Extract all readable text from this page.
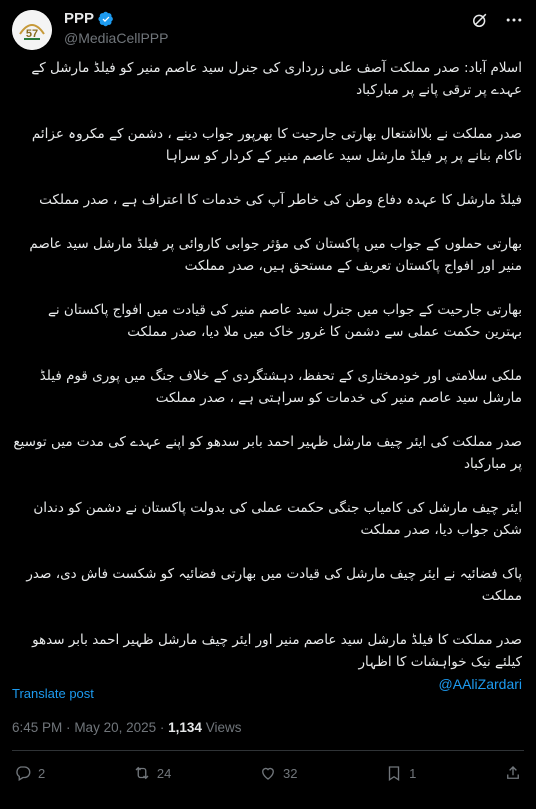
57
PPP
@MediaCellPPP
اسلام آباد: صدر مملکت آصف علی زرداری کی جنرل سید عاصم منیر کو فیلڈ مارشل کے عہدے پر ترقی پانے پر مبارکباد
صدر مملکت نے بلااشتعال بھارتی جارحیت کا بھرپور جواب دینے ، دشمن کے مکروہ عزائم ناکام بنانے پر پر فیلڈ مارشل سید عاصم منیر کے کردار کو سراہا
فیلڈ مارشل کا عہدہ دفاع وطن کی خاطر آپ کی خدمات کا اعتراف ہے ، صدر مملکت
بھارتی حملوں کے جواب میں پاکستان کی مؤثر جوابی کاروائی پر فیلڈ مارشل سید عاصم منیر اور افواج پاکستان تعریف کے مستحق ہیں، صدر مملکت
بھارتی جارحیت کے جواب میں جنرل سید عاصم منیر کی قیادت میں افواج پاکستان نے بہترین حکمت عملی سے دشمن کا غرور خاک میں ملا دیا، صدر مملکت
ملکی سلامتی اور خودمختاری کے تحفظ، دہشتگردی کے خلاف جنگ میں پوری قوم فیلڈ مارشل سید عاصم منیر کی خدمات کو سراہتی ہے ، صدر مملکت
صدر مملکت کی ایئر چیف مارشل ظہیر احمد بابر سدھو کو اپنے عہدے کی مدت میں توسیع پر مبارکباد
ایئر چیف مارشل کی کامیاب جنگی حکمت عملی کی بدولت پاکستان نے دشمن کو دندان شکن جواب دیا، صدر مملکت
پاک فضائیہ نے ایئر چیف مارشل کی قیادت میں بھارتی فضائیہ کو شکست فاش دی، صدر مملکت
صدر مملکت کا فیلڈ مارشل سید عاصم منیر اور ایئر چیف مارشل ظہیر احمد بابر سدھو کیلئے نیک خواہشات کا اظہار
@AAliZardari
Translate post
6:45 PM · May 20, 2025 · 1,134 Views
2	24	32	1
